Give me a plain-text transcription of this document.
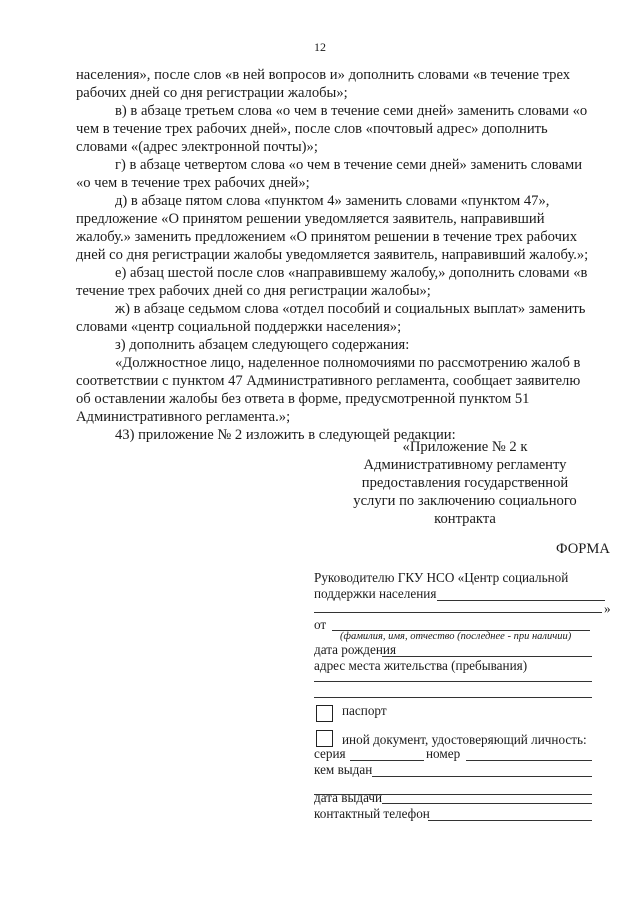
12
населения», после слов «в ней вопросов и» дополнить словами «в течение трех
рабочих дней со дня регистрации жалобы»;
в) в абзаце третьем слова «о чем в течение семи дней» заменить словами «о
чем в течение трех рабочих дней», после слов «почтовый адрес» дополнить
словами «(адрес электронной почты)»;
г) в абзаце четвертом слова «о чем в течение семи дней» заменить словами
«о чем в течение трех рабочих дней»;
д) в абзаце пятом слова «пунктом 4» заменить словами «пунктом 47»,
предложение «О принятом решении уведомляется заявитель, направивший
жалобу.» заменить предложением «О принятом решении в течение трех рабочих
дней со дня регистрации жалобы уведомляется заявитель, направивший жалобу.»;
е) абзац шестой после слов «направившему жалобу,» дополнить словами «в
течение трех рабочих дней со дня регистрации жалобы»;
ж) в абзаце седьмом слова «отдел пособий и социальных выплат» заменить
словами «центр социальной поддержки населения»;
з) дополнить абзацем следующего содержания:
«Должностное лицо, наделенное полномочиями по рассмотрению жалоб в
соответствии с пунктом 47 Административного регламента, сообщает заявителю
об оставлении жалобы без ответа в форме, предусмотренной пунктом 51
Административного регламента.»;
43) приложение № 2 изложить в следующей редакции:
«Приложение № 2 к
Административному регламенту
предоставления государственной
услуги по заключению социального
контракта
ФОРМА
Руководителю ГКУ НСО «Центр социальной
поддержки населения
»
от
(фамилия, имя, отчество (последнее - при наличии)
дата рождения
адрес места жительства (пребывания)
паспорт
иной документ, удостоверяющий личность:
серия	номер
кем выдан
дата выдачи
контактный телефон
